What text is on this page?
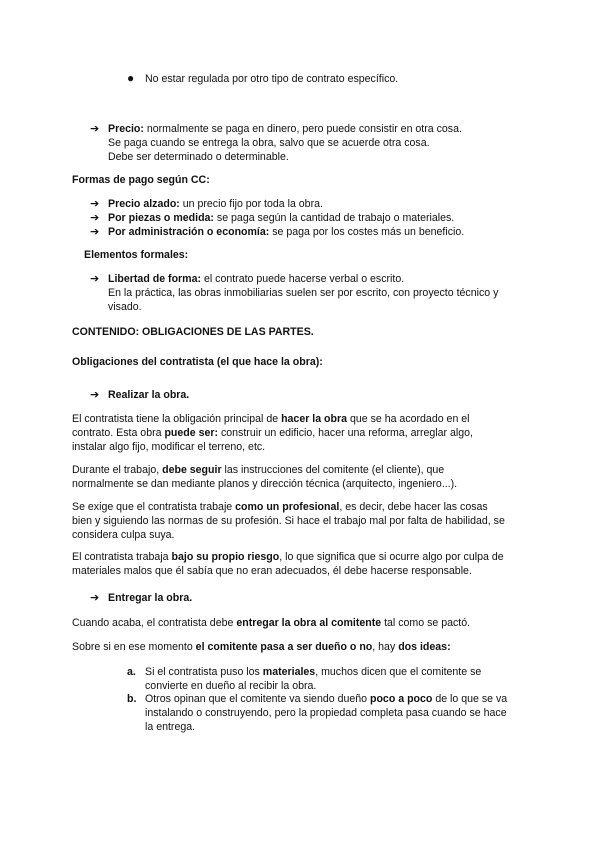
● No estar regulada por otro tipo de contrato específico.
➔ Precio: normalmente se paga en dinero, pero puede consistir en otra cosa.
Se paga cuando se entrega la obra, salvo que se acuerde otra cosa.
Debe ser determinado o determinable.
Formas de pago según CC:
➔ Precio alzado: un precio fijo por toda la obra.
➔ Por piezas o medida: se paga según la cantidad de trabajo o materiales.
➔ Por administración o economía: se paga por los costes más un beneficio.
Elementos formales:
➔ Libertad de forma: el contrato puede hacerse verbal o escrito.
En la práctica, las obras inmobiliarias suelen ser por escrito, con proyecto técnico y
visado.
CONTENIDO: OBLIGACIONES DE LAS PARTES.
Obligaciones del contratista (el que hace la obra):
➔ Realizar la obra.
El contratista tiene la obligación principal de hacer la obra que se ha acordado en el
contrato. Esta obra puede ser: construir un edificio, hacer una reforma, arreglar algo,
instalar algo fijo, modificar el terreno, etc.
Durante el trabajo, debe seguir las instrucciones del comitente (el cliente), que
normalmente se dan mediante planos y dirección técnica (arquitecto, ingeniero...).
Se exige que el contratista trabaje como un profesional, es decir, debe hacer las cosas
bien y siguiendo las normas de su profesión. Si hace el trabajo mal por falta de habilidad, se
considera culpa suya.
El contratista trabaja bajo su propio riesgo, lo que significa que si ocurre algo por culpa de
materiales malos que él sabía que no eran adecuados, él debe hacerse responsable.
➔ Entregar la obra.
Cuando acaba, el contratista debe entregar la obra al comitente tal como se pactó.
Sobre si en ese momento el comitente pasa a ser dueño o no, hay dos ideas:
a. Si el contratista puso los materiales, muchos dicen que el comitente se
convierte en dueño al recibir la obra.
b. Otros opinan que el comitente va siendo dueño poco a poco de lo que se va
instalando o construyendo, pero la propiedad completa pasa cuando se hace
la entrega.
